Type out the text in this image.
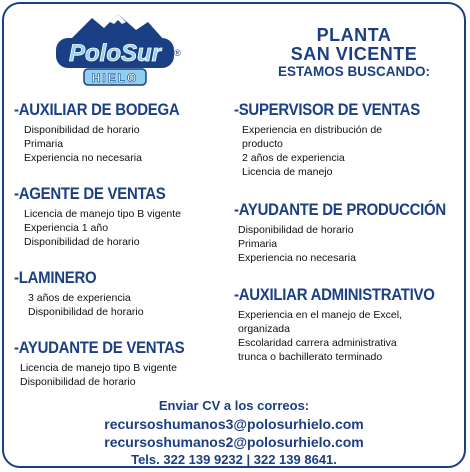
PoloSur ®
HIELO
PLANTA
SAN VICENTE
ESTAMOS BUSCANDO:
-AUXILIAR DE BODEGA
Disponibilidad de horario
Primaria
Experiencia no necesaria
-AGENTE DE VENTAS
Licencia de manejo tipo B vigente
Experiencia 1 año
Disponibilidad de horario
-LAMINERO
3 años de experiencia
Disponibilidad de horario
-AYUDANTE DE VENTAS
Licencia de manejo tipo B vigente
Disponibilidad de horario
-SUPERVISOR DE VENTAS
Experiencia en distribución de
producto
2 años de experiencia
Licencia de manejo
-AYUDANTE DE PRODUCCIÓN
Disponibilidad de horario
Primaria
Experiencia no necesaria
-AUXILIAR ADMINISTRATIVO
Experiencia en el manejo de Excel,
organizada
Escolaridad carrera administrativa
trunca o bachillerato terminado
Enviar CV a los correos:
recursoshumanos3@polosurhielo.com
recursoshumanos2@polosurhielo.com
Tels. 322 139 9232 | 322 139 8641.
